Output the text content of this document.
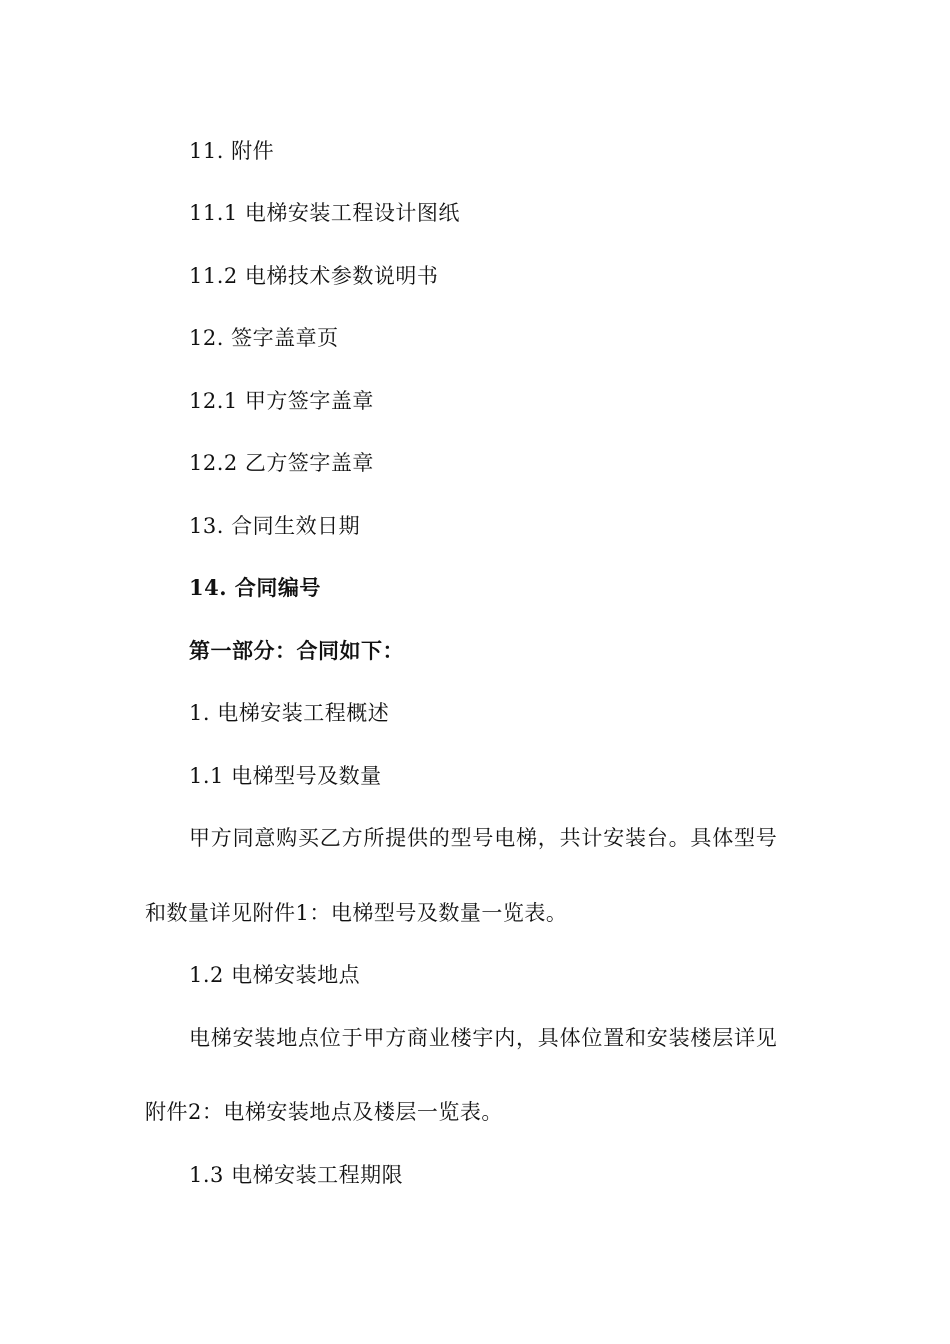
11. 附件
11.1 电梯安装工程设计图纸
11.2 电梯技术参数说明书
12. 签字盖章页
12.1 甲方签字盖章
12.2 乙方签字盖章
13. 合同生效日期
14. 合同编号
第一部分：合同如下：
1. 电梯安装工程概述
1.1 电梯型号及数量
甲方同意购买乙方所提供的型号电梯，共计安装台。具体型号
和数量详见附件1：电梯型号及数量一览表。
1.2 电梯安装地点
电梯安装地点位于甲方商业楼宇内，具体位置和安装楼层详见
附件2：电梯安装地点及楼层一览表。
1.3 电梯安装工程期限
